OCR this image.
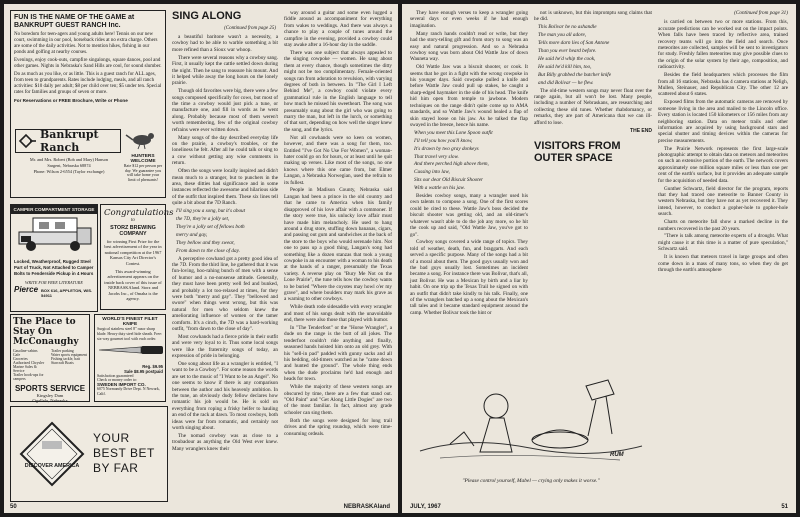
FUN IS THE NAME OF THE GAME at BANKRUPT GUEST RANCH Inc.
No boredom for teen-agers and young adults here! Tennis on our new court, swimming in our pool, horseback rides at no extra charge. Others are some of the daily activities. Not to mention hikes, fishing in our ponds and golfing at nearby courses.
Evenings, enjoy cook-outs, campfire singalongs, square dances, pool and other games. Nights in Nebraska's Sand Hills are cool, for sound slumber.
Do as much as you like, or as little. This is a guest ranch for ALL ages, from teen to grandparents. Rates include lodging, meals, and all ranch activities: $10 daily per adult; $8 per child over ten; $5 under ten. Special rates for families and groups of seven or more.
For Reservations or FREE Brochure, Write or Phone
Bankrupt Ranch
HUNTERS WELCOME
Rate $12 per person per day. We guarantee you will take home your limit of pheasants!
Mr. and Mrs. Robert (Bob and Mary) Hanson
Sargent, Nebraska 68874
Phone: Wilson 2-6554 (Taylor exchange)
CAMPER COMPARTMENT STORAGE
Locked, Weatherproof, Rugged Steel
Part of Truck, Not Attached to Camper
Bolts to Fenderside Pickup in 4 Hours
WRITE FOR FREE LITERATURE
Pierce BOX 616, APPLETON, WIS. 54911
Congratulations
to
STORZ BREWING COMPANY
for winning First Prize for the best advertisement of the year in national competition at the 1967 Kansas City Art Director's Contest.
This award-winning advertisement appears on the inside back cover of this issue of NEBRASKAland. Storz and Jacobs Inc., of Omaha is the agency.
The Place to Stay On McConaughy
Gasoline-cabins	Trailer parking
Cafe	Water sports equipment
Groceries	Fishing tackle, bait
Authorized Chrysler Marine Sales & Service
Starcraft Boats
Trailer hook-ups for campers
SPORTS SERVICE
Kingsley Dam
Ogallala, Nebraska
WORLD'S FINEST FILET KNIFE
Surgical stainless steel 8" razor sharp blade. Heavy duty steel hide sheath. Free: six-way gourmet tool with each order.
Reg. $9.95
Sale $8.95 postpaid
Satisfaction guaranteed
Check or money order to:
SWEDEN IMPORT CO.
6075 Normandy Drive Dept. N Newark, Calif.
DISCOVER AMERICA
YOUR BEST BET BY FAR
SING ALONG
(Continued from page 25)

a beautiful baritone wasn't a necessity, a cowboy had to be able to warble something a bit more refined than a Sioux war whoop.

There were several reasons why a cowboy sang. First, it usually kept the cattle settled down during the night. Then he sang to reassure his mount. And it helped while away the long hours on the lonely prairie.

Though old favorites were big, there were a few songs composed specifically for cows, but most of the time a cowboy would just pick a tune, or manufacture one, and fill in words as he went along. Probably because most of them weren't worth remembering, few of the original cowboy refrains were ever written down.

Many songs of the day described everyday life on the prairie, a cowboy's troubles, or the loneliness he felt. After all he could talk or sing to a cow without getting any wise comments in return.

Often the songs were locally inspired and didn't mean much to a stranger, but to punchers in the area, these ditties had significance and in some instances reflected the awesome and hilarious side of the outfit that inspired them. These six lines tell quite a bit about the 7D Ranch.

I'll sing you a song, but it's about

the 7D, they're a jolly set,

They're a jolly set of fellows both

merry and gay,

They bellow and they swear,

From dawn to the close of day.

A perceptive cowhand got a pretty good idea of the 7D. From the third line, he gathered that it was fun-loving, hoo-rahing bunch of men with a sense of humor and a no-nonsense attitude. Generally, they must have been pretty well fed and bunked, and probably a lot too-relaxed at times, for they were both "merry and gay". They "bellowed and swore" when things went wrong, but this was natural for men who seldom knew the ameliorating influence of women or the tamer comforts. It's a cinch, the 7D was a hard-working outfit, "from dawn to the close of day".

Most cowhands had a fierce pride in their outfit and were very loyal to it. Thus some local songs were like the fraternity songs of today, an expression of pride in belonging.

One song about life as a wrangler is entitled, "I want to be a Cowboy". For some reason the words are set to the music of "I Want to be an Angel". No one seems to know if there is any comparison between the author and his heavenly ambition. In the tune, an obviously dudy fellow declares how romantic his job would be. He is sold on everything from roping a frisky heifer to hauling an end of the rack at dawn. To most cowboys, both ideas were far from romantic, and certainly not worth singing about.

The nomad cowboy was as close to a troubadour as anything the Old West ever knew. Many wranglers knew their

way around a guitar and some even lugged a fiddle around as accompaniment for everything from wakes to weddings. And there was always a chance to play a couple of tunes around the campfire in the evening, provided a cowboy could stay awake after a 16-hour day in the saddle.

There was one subject that always appealed to the singing cowpoke — women. He sang about them at every chance, though sometimes the ditty might not be too complimentary. Female-oriented songs ran from adoration to revulsion, with varying degrees of both in between. In "The Girl I Left Behind Me", a cowboy could violate every grammatical rule in the English language to tell how much he missed his sweetheart. The song was presumably sung about the girl who was going to marry the man, but left in the lurch, or something of that sort, depending on how well the singer knew the song, and the lyrics.

Not all cowhands were so keen on women, however, and there was a song for them, too. Entitled "I've Got No Use For Women", a woman-hater could go on for hours, or at least until he quit making up verses. Like most of the songs, no one knows where this one came from, but Elmer Langan, a Nebraska Norwegian, used the refrain to its fullest.

People in Madison County, Nebraska said Langan had been a prince in the old country and that he came to America when his family disapproved of his love affair with a commoner. If the story were true, his unlucky love affair must have made him melancholy. He used to hang around a drug store, stuffing down bananas, cigars, and passing out gum and sandwiches at the back of the store to the boys who would serenade him. Not one to pass up a good thing, Langan's song had something like a dozen stanzas that took a young cowpoke in an encounter with a woman to his death at the hands of a ranger, presumably the Texas variety. A reverse play on "Bury Me Not on the Lone Prairie", the tune tells how the cowboy wants to be buried "Where the coyotes may howl o'er my grave", and where boulders may mark his grave as a warning to other cowboys.

While death rode sidesaddle with every wrangler and most of his songs dealt with the unavoidable end, there were also those that played with humor.

In "The Tenderfoot" or the "Horse Wrangler", a dude on the range is the butt of all jokes. The tenderfoot couldn't ride anything and finally, seasoned hands hoisted him onto an old grey. With his "sell-in pad" padded with gunny sacks and all his bedding, old-timers watched as he "came down and hunted the ground". The whole thing ends when the dude proclaims he'd had enough and heads for town.

While the majority of these western songs are obscured by time, there are a few that stand out. "Old Paint" and "Get Along Little Dogies" are two of the most familiar. In fact, almost any grade schooler can sing them.

Both the songs were designed for long trail drives and the spring roundup, which were time-consuming ordeals.

50	NEBRASKAland

They have enough verses to keep a wrangler going several days or even weeks if he had enough imagination.

Many ranch hands couldn't read or write, but they had the story-telling gift and from story to song was an easy and natural progression. And so a Nebraska cowboy song was born about Old Wattle Jaw of down Wauneta way.

Old Wattle Jaw was a biscuit shooter, or cook. It seems that he got in a fight with the wrong cowpoke in his younger days. Said cowpoke pulled a knife and before Wattle Jaw could pull up stakes, he caught a sharp-edged haymaker in the side of his head. The knife hid him open from temple to jawbone. Modern techniques on the range didn't quite come up to AMA standards, and so Wattle Jaw's wound healed a flap of skin stayed loose on his jaw. As he talked the flap swayed in the breeze, hence his name.

When you meet this Lone Spoon outfit

I'll tell you how you'll know,

It's drawn by two gray donkeys

That travel very slow.

And there perched high above them,

Cussing into law,

Sits our dear Old Biscuit Shooter

With a wattle on his jaw.

Besides cowboy songs, many a wrangler used his own talents to compose a song. One of the first scores could be cited to these. Wattle Jaw's boss decided the biscuit shooter was getting old, and an old-timer's whatever wasn't able to do the job any more, so he hit the cook up and said, "Old Wattle Jaw, you've got to go".

Cowboy songs covered a wide range of topics. They told of weather, death, fun, and braggarts. And each served a specific purpose. Many of the songs had a bit of a moral about them. The good guys usually won and the bad guys usually lost. Sometimes an incident became a song. For instance there was Bolivar, that's all, just Bolivar. He was a Mexican by birth and a liar by habit. On one trip up the Texas Trail he signed on with an outfit that didn't take kindly to his talk. Finally, one of the wranglers batched up a song about the Mexican's tall tales and it became standard equipment around the camp. Whether Bolivar took the hint or

not is unknown, but this impromptu song claims that he did.

This Bolivar he no ashandle

The man you all adore,

Tells more darn lies of San Antone

Than you ever heard before.

He said he'd whip the cook,

He said he'd kill him, too,

But Billy grabbed the butcher knife

and did Bolivar — he flew.

The old-time western songs may never float over the range again, but all won't be lost. Many people, including a number of Nebraskans, are researching and collecting these old tunes. Whether rhabdomancy, or remarks, they are part of Americana that we can ill-afford to lose.

THE END

VISITORS FROM OUTER SPACE
RUM
"Please control yourself, Mabel — crying only makes it worse."

(Continued from page 31)

is carried on between two or more stations. From this, accurate predictions can be worked out on the impact points. When falls have been traced by reflective area, trained recovery teams will go into the field and search. Once meteorites are collected, samples will be sent to investigators for study. Freshly fallen meteorites may give possible clues to the origin of the solar system by their age, composition, and radioactivity.

Besides the field headquarters which processes the film from all 16 stations, Nebraska has 4 camera stations at Neligh, Mullen, Steinauer, and Republican City. The other 12 are scattered about 6 states.

Exposed films from the automatic cameras are removed by someone living in the area and mailed to the Lincoln office. Every station is located 150 kilometers or 156 miles from any neighboring station. Data on meteor trails and other information are acquired by using background stars and special shutter and timing devices within the cameras for precise measurements.

The Prairie Network represents the first large-scale photographic attempt to obtain data on meteors and meteorites on such an extensive portion of the earth. The network covers approximately one million square miles or less than one per cent of the earth's surface, but it provides an adequate sample for the acquisition of needed data.

Gunther Schwartz, field director for the program, reports that they had traced one meteorite to Banner County in western Nebraska, but they have not as yet recovered it. They intend, however, to conduct a gopher-hole to gopher-hole search.

Charts on meteorite fall show a marked decline in the numbers recovered in the past 20 years.

"There is talk among meteorite experts of a drought. What might cause it at this time is a matter of pure speculation," Schwartz said.

It is known that meteors travel in large groups and often come down in a mass of many tons, so when they do get through the earth's atmosphere

JULY, 1967	51
